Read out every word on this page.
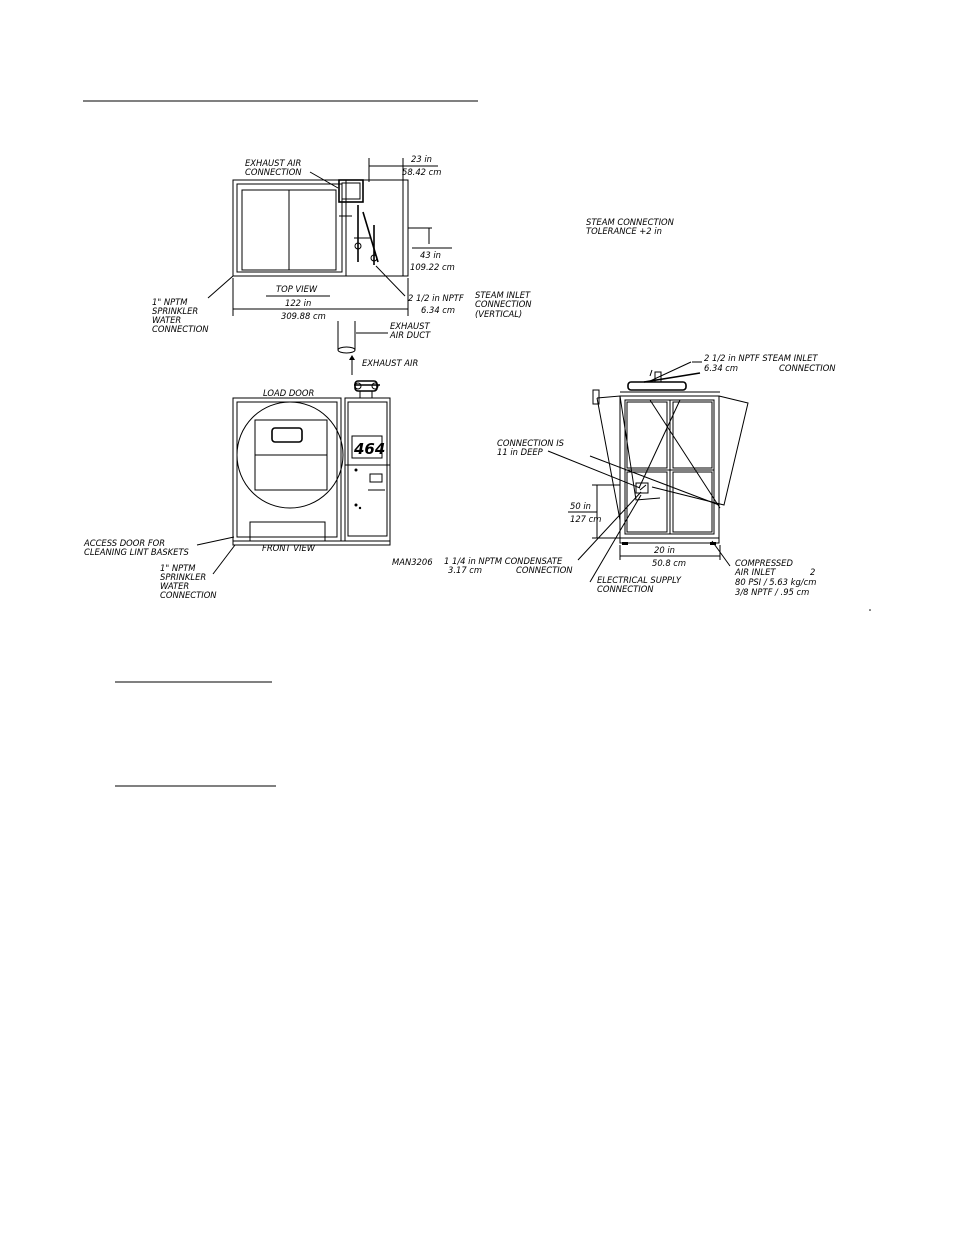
EXHAUST AIR
CONNECTION
23 in
58.42 cm
43 in
109.22 cm
TOP VIEW
122 in
309.88 cm
2 1/2 in NPTF
6.34 cm
STEAM INLET
CONNECTION
(VERTICAL)
1" NPTM
SPRINKLER
WATER
CONNECTION	EXHAUST
AIR DUCT
EXHAUST AIR
STEAM CONNECTION
TOLERANCE +2 in
464
LOAD DOOR
FRONT VIEW
MAN3206
ACCESS DOOR FOR
CLEANING LINT BASKETS
1" NPTM
SPRINKLER
WATER
CONNECTION
2 1/2 in NPTF STEAM INLET
6.34 cm	CONNECTION
CONNECTION IS
11 in DEEP
50 in
127 cm
20 in
50.8 cm
1 1/4 in NPTM CONDENSATE
3.17 cm	CONNECTION
ELECTRICAL SUPPLY
CONNECTION
COMPRESSED
AIR INLET	2
80 PSI / 5.63 kg/cm
3/8 NPTF / .95 cm
